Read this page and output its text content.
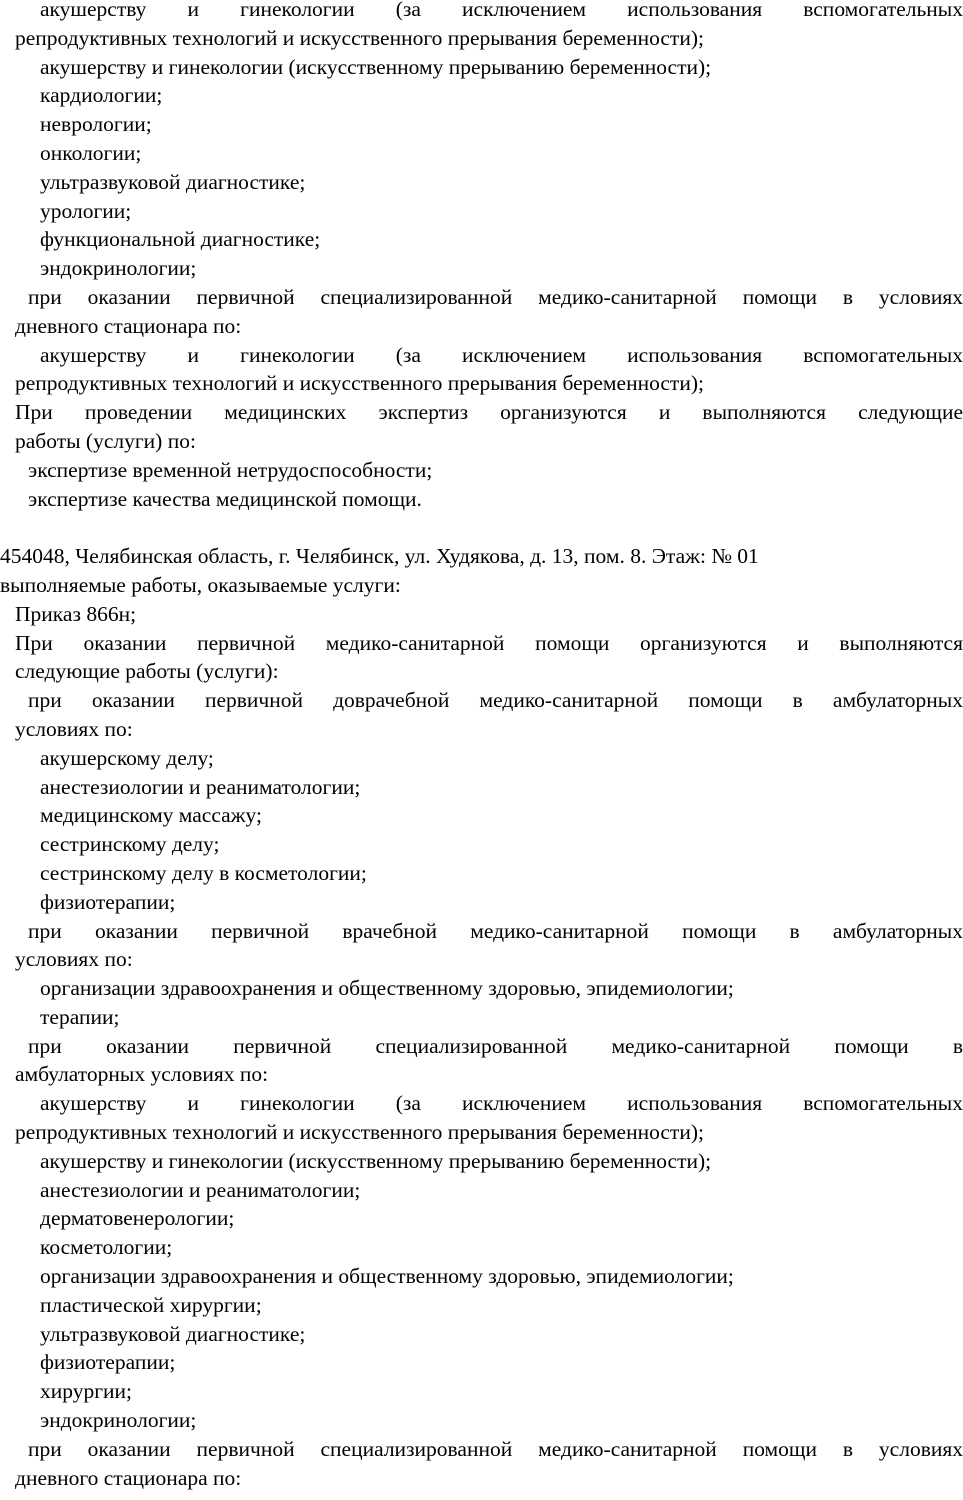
акушерству и гинекологии (за исключением использования вспомогательных
репродуктивных технологий и искусственного прерывания беременности);
акушерству и гинекологии (искусственному прерыванию беременности);
кардиологии;
неврологии;
онкологии;
ультразвуковой диагностике;
урологии;
функциональной диагностике;
эндокринологии;
при оказании первичной специализированной медико-санитарной помощи в условиях
дневного стационара по:
акушерству и гинекологии (за исключением использования вспомогательных
репродуктивных технологий и искусственного прерывания беременности);
При проведении медицинских экспертиз организуются и выполняются следующие
работы (услуги) по:
экспертизе временной нетрудоспособности;
экспертизе качества медицинской помощи.
454048, Челябинская область, г. Челябинск, ул. Худякова, д. 13, пом. 8. Этаж: № 01
выполняемые работы, оказываемые услуги:
Приказ 866н;
При оказании первичной медико-санитарной помощи организуются и выполняются
следующие работы (услуги):
при оказании первичной доврачебной медико-санитарной помощи в амбулаторных
условиях по:
акушерскому делу;
анестезиологии и реаниматологии;
медицинскому массажу;
сестринскому делу;
сестринскому делу в косметологии;
физиотерапии;
при оказании первичной врачебной медико-санитарной помощи в амбулаторных
условиях по:
организации здравоохранения и общественному здоровью, эпидемиологии;
терапии;
при оказании первичной специализированной медико-санитарной помощи в
амбулаторных условиях по:
акушерству и гинекологии (за исключением использования вспомогательных
репродуктивных технологий и искусственного прерывания беременности);
акушерству и гинекологии (искусственному прерыванию беременности);
анестезиологии и реаниматологии;
дерматовенерологии;
косметологии;
организации здравоохранения и общественному здоровью, эпидемиологии;
пластической хирургии;
ультразвуковой диагностике;
физиотерапии;
хирургии;
эндокринологии;
при оказании первичной специализированной медико-санитарной помощи в условиях
дневного стационара по:
